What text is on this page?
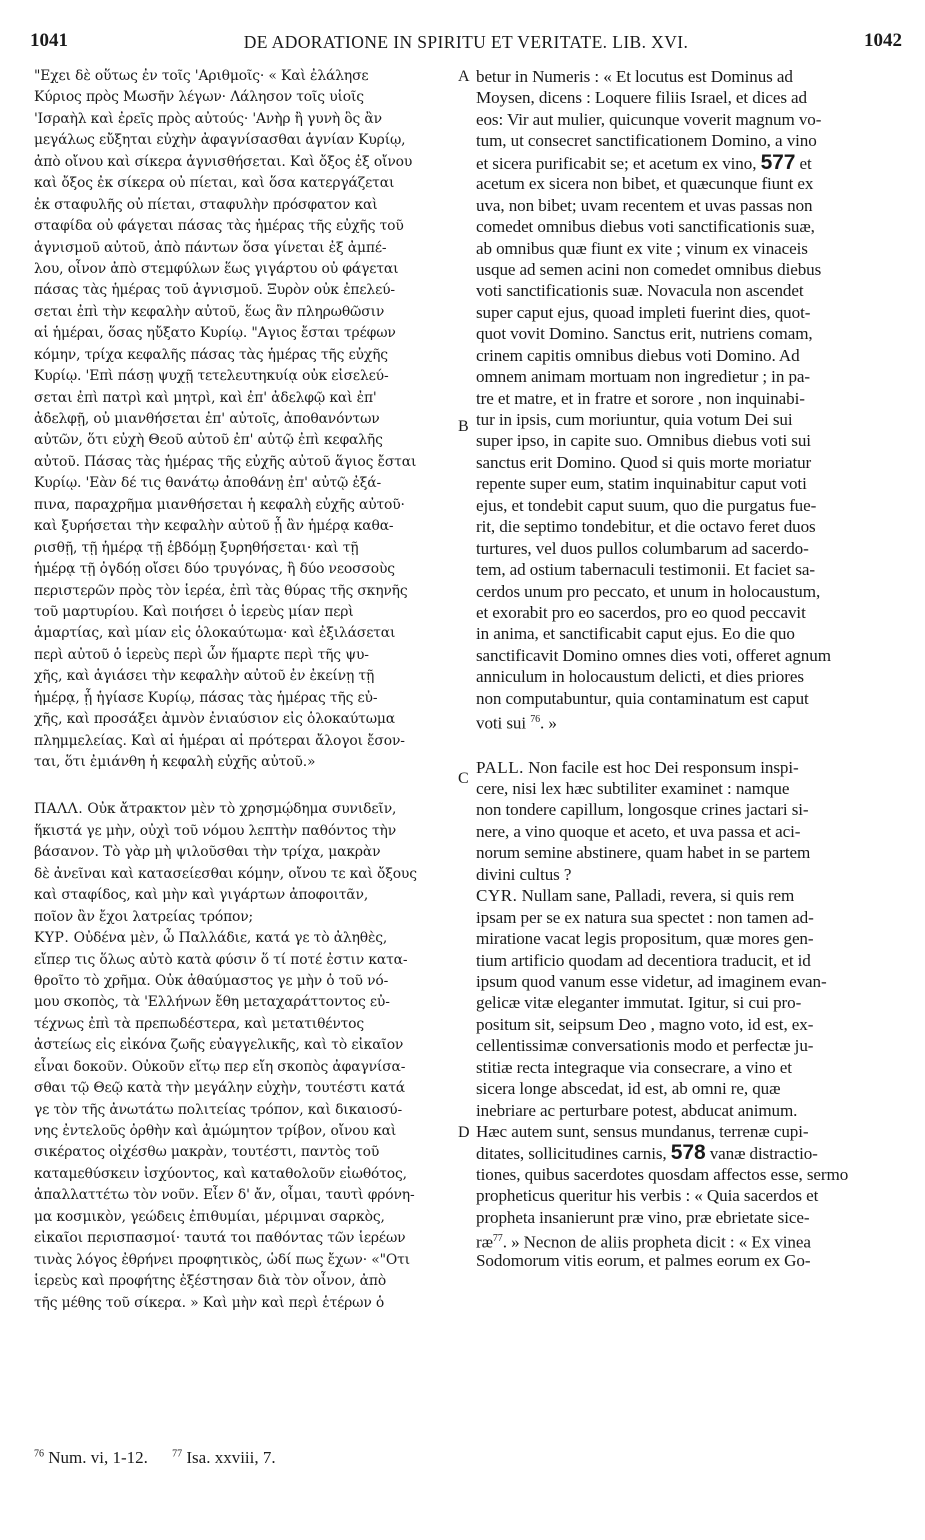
1041	DE ADORATIONE IN SPIRITU ET VERITATE. LIB. XVI.	1042
"Εχει δὲ οὕτως ἐν τοῖς 'Αριθμοῖς· « Καὶ ἐλάλησε
Κύριος πρὸς Μωσῆν λέγων· Λάλησον τοῖς υἱοῖς
'Ισραὴλ καὶ ἐρεῖς πρὸς αὐτούς· 'Ανὴρ ἢ γυνὴ ὃς ἂν
μεγάλως εὔξηται εὐχὴν ἀφαγνίσασθαι ἁγνίαν Κυρίῳ,
ἀπὸ οἴνου καὶ σίκερα ἁγνισθήσεται. Καὶ ὄξος ἐξ οἴνου
καὶ ὄξος ἐκ σίκερα οὐ πίεται, καὶ ὅσα κατεργάζεται
ἐκ σταφυλῆς οὐ πίεται, σταφυλὴν πρόσφατον καὶ
σταφίδα οὐ φάγεται πάσας τὰς ἡμέρας τῆς εὐχῆς τοῦ
ἁγνισμοῦ αὐτοῦ, ἀπὸ πάντων ὅσα γίνεται ἐξ ἀμπέ-
λου, οἶνον ἀπὸ στεμφύλων ἕως γιγάρτου οὐ φάγεται
πάσας τὰς ἡμέρας τοῦ ἁγνισμοῦ. Ξυρὸν οὐκ ἐπελεύ-
σεται ἐπὶ τὴν κεφαλὴν αὐτοῦ, ἕως ἂν πληρωθῶσιν
αἱ ἡμέραι, ὅσας ηὔξατο Κυρίῳ. "Αγιος ἔσται τρέφων
κόμην, τρίχα κεφαλῆς πάσας τὰς ἡμέρας τῆς εὐχῆς
Κυρίῳ. 'Επὶ πάσῃ ψυχῇ τετελευτηκυίᾳ οὐκ εἰσελεύ-
σεται ἐπὶ πατρὶ καὶ μητρὶ, καὶ ἐπ' ἀδελφῷ καὶ ἐπ'
ἀδελφῇ, οὐ μιανθήσεται ἐπ' αὐτοῖς, ἀποθανόντων
αὐτῶν, ὅτι εὐχὴ Θεοῦ αὐτοῦ ἐπ' αὐτῷ ἐπὶ κεφαλῆς
αὐτοῦ. Πάσας τὰς ἡμέρας τῆς εὐχῆς αὐτοῦ ἅγιος ἔσται
Κυρίῳ. 'Εὰν δέ τις θανάτῳ ἀποθάνῃ ἐπ' αὐτῷ ἐξά-
πινα, παραχρῆμα μιανθήσεται ἡ κεφαλὴ εὐχῆς αὐτοῦ·
καὶ ξυρήσεται τὴν κεφαλὴν αὐτοῦ ᾗ ἂν ἡμέρᾳ καθα-
ρισθῇ, τῇ ἡμέρᾳ τῇ ἑβδόμῃ ξυρηθήσεται· καὶ τῇ
ἡμέρᾳ τῇ ὀγδόῃ οἴσει δύο τρυγόνας, ἢ δύο νεοσσοὺς
περιστερῶν πρὸς τὸν ἱερέα, ἐπὶ τὰς θύρας τῆς σκηνῆς
τοῦ μαρτυρίου. Καὶ ποιήσει ὁ ἱερεὺς μίαν περὶ
ἁμαρτίας, καὶ μίαν εἰς ὁλοκαύτωμα· καὶ ἐξιλάσεται
περὶ αὐτοῦ ὁ ἱερεὺς περὶ ὧν ἥμαρτε περὶ τῆς ψυ-
χῆς, καὶ ἁγιάσει τὴν κεφαλὴν αὐτοῦ ἐν ἐκείνῃ τῇ
ἡμέρᾳ, ᾗ ἡγίασε Κυρίῳ, πάσας τὰς ἡμέρας τῆς εὐ-
χῆς, καὶ προσάξει ἀμνὸν ἐνιαύσιον εἰς ὁλοκαύτωμα
πλημμελείας. Καὶ αἱ ἡμέραι αἱ πρότεραι ἄλογοι ἔσον-
ται, ὅτι ἐμιάνθη ἡ κεφαλὴ εὐχῆς αὐτοῦ.»
ΠΑΛΛ. Οὐκ ἄτρακτον μὲν τὸ χρησμῴδημα συνιδεῖν,
ἥκιστά γε μὴν, οὐχὶ τοῦ νόμου λεπτὴν παθόντος τὴν
βάσανον. Τὸ γὰρ μὴ ψιλοῦσθαι τὴν τρίχα, μακρὰν
δὲ ἀνεῖναι καὶ κατασείεσθαι κόμην, οἴνου τε καὶ ὄξους
καὶ σταφίδος, καὶ μὴν καὶ γιγάρτων ἀποφοιτᾶν,
ποῖον ἂν ἔχοι λατρείας τρόπον;
ΚΥΡ. Οὐδένα μὲν, ὦ Παλλάδιε, κατά γε τὸ ἀληθὲς,
εἴπερ τις ὅλως αὐτὸ κατὰ φύσιν ὅ τί ποτέ ἐστιν κατα-
θροῖτο τὸ χρῆμα. Οὐκ ἀθαύμαστος γε μὴν ὁ τοῦ νό-
μου σκοπὸς, τὰ 'Ελλήνων ἔθη μεταχαράττοντος εὐ-
τέχνως ἐπὶ τὰ πρεπωδέστερα, καὶ μετατιθέντος
ἀστείως εἰς εἰκόνα ζωῆς εὐαγγελικῆς, καὶ τὸ εἰκαῖον
εἶναι δοκοῦν. Οὐκοῦν εἴτῳ περ εἴη σκοπὸς ἀφαγνίσα-
σθαι τῷ Θεῷ κατὰ τὴν μεγάλην εὐχὴν, τουτέστι κατά
γε τὸν τῆς ἀνωτάτω πολιτείας τρόπον, καὶ δικαιοσύ-
νης ἐντελοῦς ὀρθὴν καὶ ἀμώμητον τρίβον, οἴνου καὶ
σικέρατος οἰχέσθω μακρὰν, τουτέστι, παντὸς τοῦ
καταμεθύσκειν ἰσχύοντος, καὶ καταθολοῦν εἰωθότος,
ἀπαλλαττέτω τὸν νοῦν. Εἶεν δ' ἄν, οἶμαι, ταυτὶ φρόνη-
μα κοσμικὸν, γεώδεις ἐπιθυμίαι, μέριμναι σαρκὸς,
εἰκαῖοι περισπασμοί· ταυτά τοι παθόντας τῶν ἱερέων
τινὰς λόγος ἐθρήνει προφητικὸς, ὡδί πως ἔχων· «"Οτι
ἱερεὺς καὶ προφήτης ἐξέστησαν διὰ τὸν οἶνον, ἀπὸ
τῆς μέθης τοῦ σίκερα. » Καὶ μὴν καὶ περὶ ἑτέρων ὁ
betur in Numeris : « Et locutus est Dominus ad
Moysen, dicens : Loquere filiis Israel, et dices ad
eos: Vir aut mulier, quicunque voverit magnum vo-
tum, ut consecret sanctificationem Domino, a vino
et sicera purificabit se; et acetum ex vino, 577 et
acetum ex sicera non bibet, et quæcunque fiunt ex
uva, non bibet; uvam recentem et uvas passas non
comedet omnibus diebus voti sanctificationis suæ,
ab omnibus quæ fiunt ex vite ; vinum ex vinaceis
usque ad semen acini non comedet omnibus diebus
voti sanctificationis suæ. Novacula non ascendet
super caput ejus, quoad impleti fuerint dies, quot-
quot vovit Domino. Sanctus erit, nutriens comam,
crinem capitis omnibus diebus voti Domino. Ad
omnem animam mortuam non ingredietur ; in pa-
tre et matre, et in fratre et sorore , non inquinabi-
tur in ipsis, cum moriuntur, quia votum Dei sui
super ipso, in capite suo. Omnibus diebus voti sui
sanctus erit Domino. Quod si quis morte moriatur
repente super eum, statim inquinabitur caput voti
ejus, et tondebit caput suum, quo die purgatus fue-
rit, die septimo tondebitur, et die octavo feret duos
turtures, vel duos pullos columbarum ad sacerdo-
tem, ad ostium tabernaculi testimonii. Et faciet sa-
cerdos unum pro peccato, et unum in holocaustum,
et exorabit pro eo sacerdos, pro eo quod peccavit
in anima, et sanctificabit caput ejus. Eo die quo
sanctificavit Domino omnes dies voti, offeret agnum
anniculum in holocaustum delicti, et dies priores
non computabuntur, quia contaminatum est caput
voti sui $^{76}$. »
PALL. Non facile est hoc Dei responsum inspi-
cere, nisi lex hæc subtiliter examinet : namque
non tondere capillum, longosque crines jactari si-
nere, a vino quoque et aceto, et uva passa et aci-
norum semine abstinere, quam habet in se partem
divini cultus ?
CYR. Nullam sane, Palladi, revera, si quis rem
ipsam per se ex natura sua spectet : non tamen ad-
miratione vacat legis propositum, quæ mores gen-
tium artificio quodam ad decentiora traducit, et id
ipsum quod vanum esse videtur, ad imaginem evan-
gelicæ vitæ eleganter immutat. Igitur, si cui pro-
positum sit, seipsum Deo , magno voto, id est, ex-
cellentissimæ conversationis modo et perfectæ ju-
stitiæ recta integraque via consecrare, a vino et
sicera longe abscedat, id est, ab omni re, quæ
inebriare ac perturbare potest, abducat animum.
Hæc autem sunt, sensus mundanus, terrenæ cupi-
ditates, sollicitudines carnis, 578 vanæ distractio-
tiones, quibus sacerdotes quosdam affectos esse, sermo
propheticus queritur his verbis : « Quia sacerdos et
propheta insanierunt præ vino, præ ebrietate sice-
$ræ^{77}$. » Necnon de aliis propheta dicit : « Ex vinea
Sodomorum vitis eorum, et palmes eorum ex Go-
A
B
C
D
$^{76}$ Num. vi, 1-12. $^{77}$ Isa. xxviii, 7.
